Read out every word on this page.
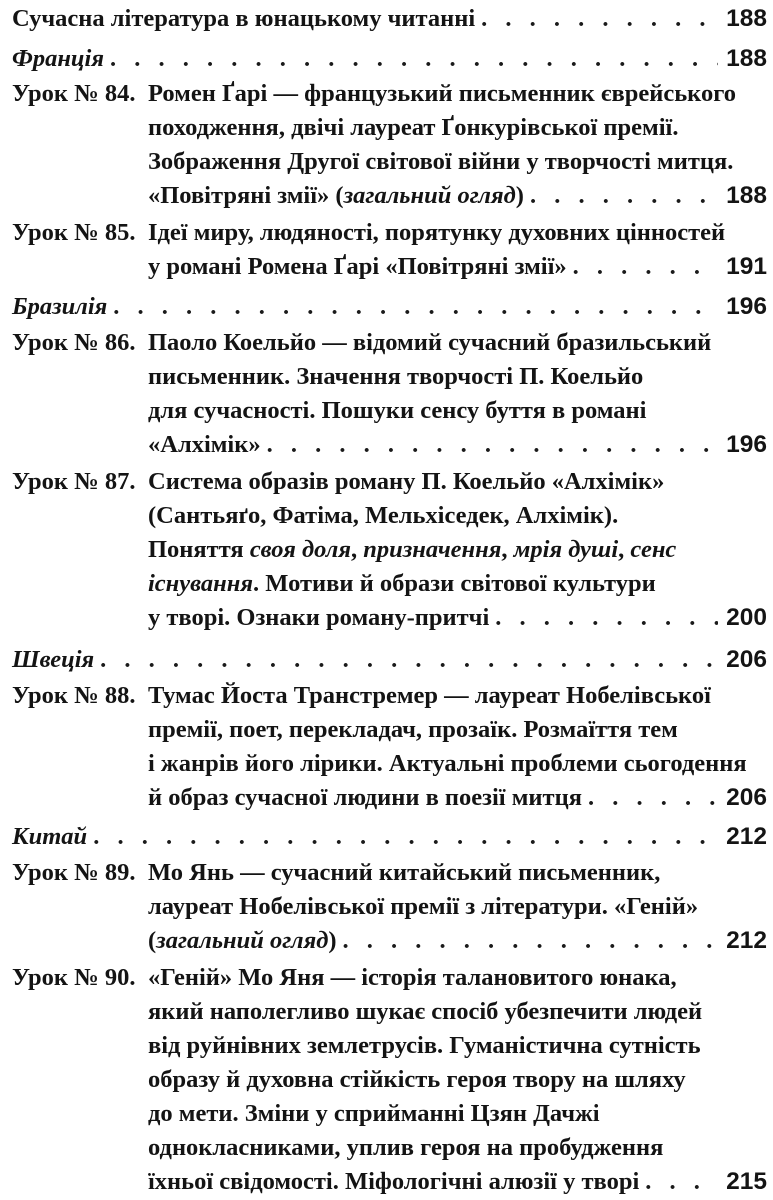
Сучасна література в юнацькому читанні . . .	188
Франція . . .	188
Урок № 84. Ромен Ґарі — французький письменник єврейського
походження, двічі лауреат Ґонкурівської премії.
Зображення Другої світової війни у творчості митця.
«Повітряні змії» (загальний огляд) . . .	188
Урок № 85. Ідеї миру, людяності, порятунку духовних цінностей
у романі Ромена Ґарі «Повітряні змії» . . .	191
Бразилія . . .	196
Урок № 86. Паоло Коельйо — відомий сучасний бразильський
письменник. Значення творчості П. Коельйо
для сучасності. Пошуки сенсу буття в романі
«Алхімік» . . .	196
Урок № 87. Система образів роману П. Коельйо «Алхімік»
(Сантьяґо, Фатіма, Мельхіседек, Алхімік).
Поняття своя доля, призначення, мрія душі, сенс
існування. Мотиви й образи світової культури
у творі. Ознаки роману-притчі . . .	200
Швеція . . .	206
Урок № 88. Тумас Йоста Транстремер — лауреат Нобелівської
премії, поет, перекладач, прозаїк. Розмаїття тем
і жанрів його лірики. Актуальні проблеми сьогодення
й образ сучасної людини в поезії митця . . .	206
Китай . . .	212
Урок № 89. Мо Янь — сучасний китайський письменник,
лауреат Нобелівської премії з літератури. «Геній»
(загальний огляд) . . .	212
Урок № 90. «Геній» Мо Яня — історія талановитого юнака,
який наполегливо шукає спосіб убезпечити людей
від руйнівних землетрусів. Гуманістична сутність
образу й духовна стійкість героя твору на шляху
до мети. Зміни у сприйманні Цзян Дачжі
однокласниками, уплив героя на пробудження
їхньої свідомості. Міфологічні алюзії у творі . . .	215
